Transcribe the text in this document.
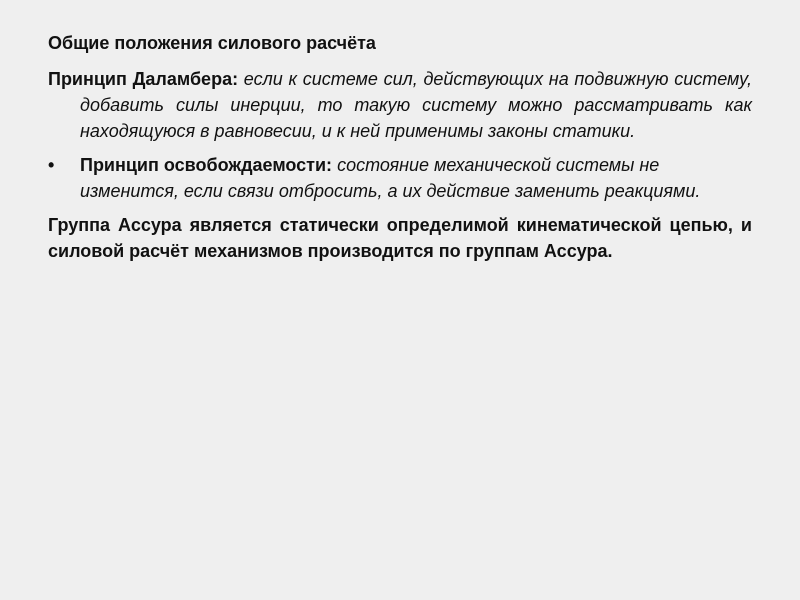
Общие положения силового расчёта
Принцип Даламбера: если к системе сил, действующих на подвижную систему, добавить силы инерции, то такую систему можно рассматривать как находящуюся в равновесии, и к ней применимы законы статики.
•	Принцип освобождаемости: состояние механической системы не изменится, если связи отбросить, а их действие заменить реакциями.
Группа Ассура является статически определимой кинематической цепью, и силовой расчёт механизмов производится по группам Ассура.
